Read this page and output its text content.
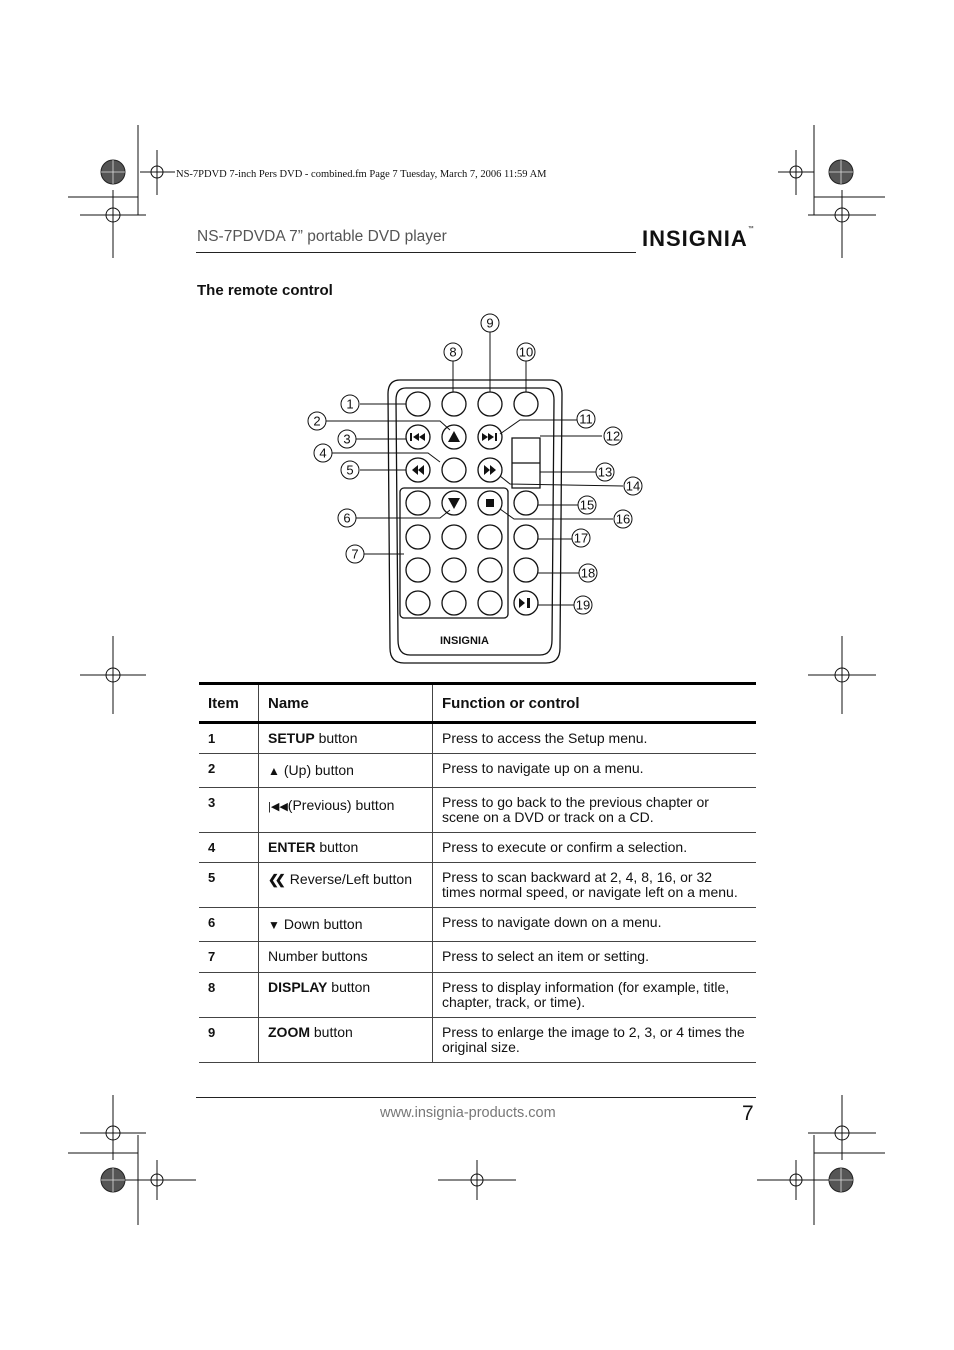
NS-7PDVD 7-inch Pers DVD - combined.fm Page 7 Tuesday, March 7, 2006 11:59 AM
NS-7PDVDA 7” portable DVD player	INSIGNIA™
The remote control
INSIGNIA
1
2
3
4
5
6
7
8
9
10
11
12
13
14
15
16
17
18
19
Item	Name	Function or control
1	SETUP button	Press to access the Setup menu.
2	▲ (Up) button	Press to navigate up on a menu.
3	|◀◀(Previous) button	Press to go back to the previous chapter or scene on a DVD or track on a CD.
4	ENTER button	Press to execute or confirm a selection.
5	❮❮ Reverse/Left button	Press to scan backward at 2, 4, 8, 16, or 32 times normal speed, or navigate left on a menu.
6	▼ Down button	Press to navigate down on a menu.
7	Number buttons	Press to select an item or setting.
8	DISPLAY button	Press to display information (for example, title, chapter, track, or time).
9	ZOOM button	Press to enlarge the image to 2, 3, or 4 times the original size.
www.insignia-products.com	7
